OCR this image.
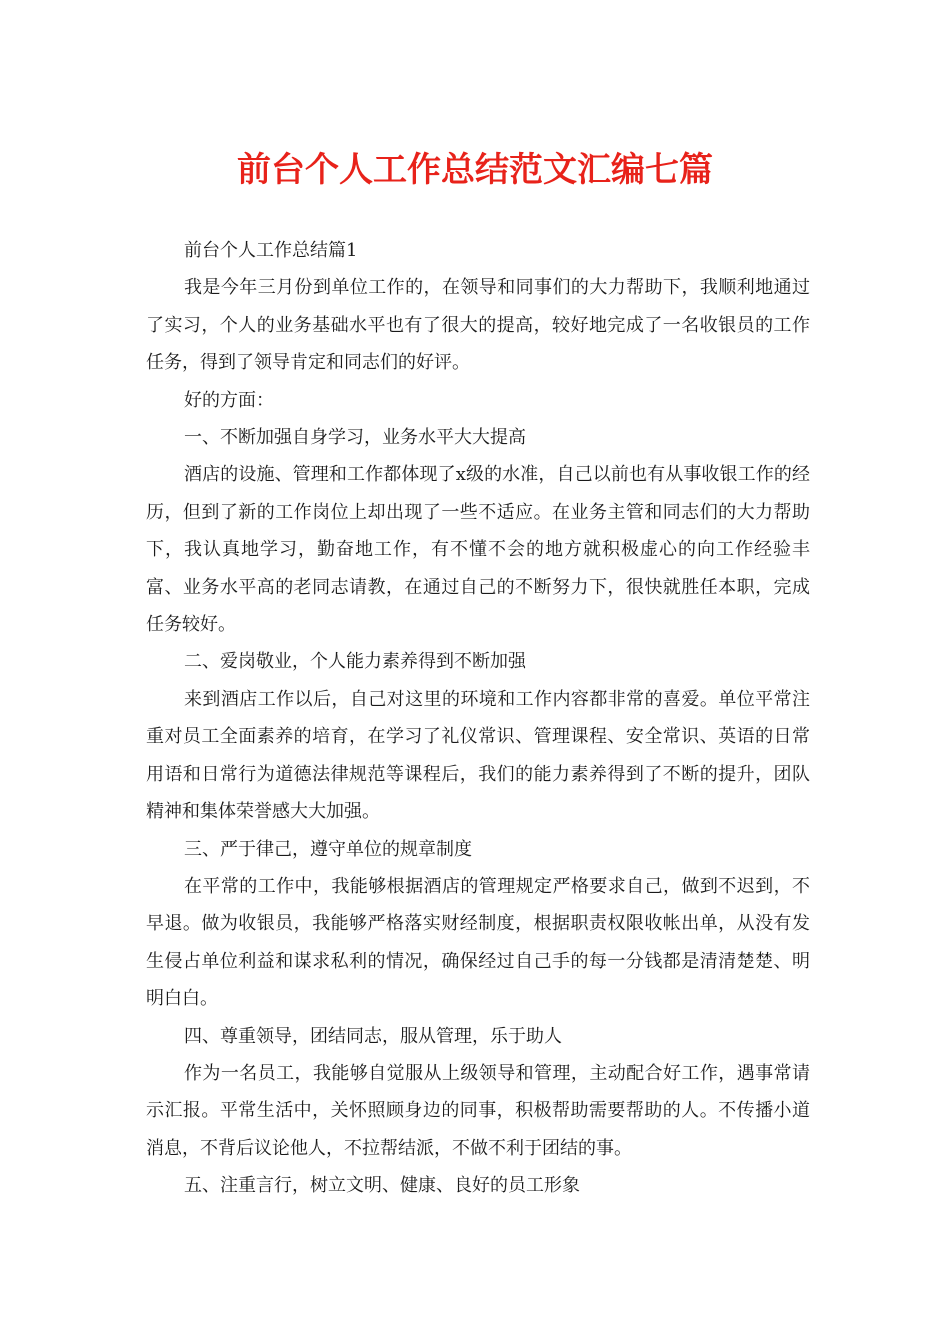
前台个人工作总结范文汇编七篇

前台个人工作总结篇1

我是今年三月份到单位工作的，在领导和同事们的大力帮助下，我顺利地通过了实习，个人的业务基础水平也有了很大的提高，较好地完成了一名收银员的工作任务，得到了领导肯定和同志们的好评。

好的方面：

一、不断加强自身学习，业务水平大大提高

酒店的设施、管理和工作都体现了x级的水准，自己以前也有从事收银工作的经历，但到了新的工作岗位上却出现了一些不适应。在业务主管和同志们的大力帮助下，我认真地学习，勤奋地工作，有不懂不会的地方就积极虚心的向工作经验丰富、业务水平高的老同志请教，在通过自己的不断努力下，很快就胜任本职，完成任务较好。

二、爱岗敬业，个人能力素养得到不断加强

来到酒店工作以后，自己对这里的环境和工作内容都非常的喜爱。单位平常注重对员工全面素养的培育，在学习了礼仪常识、管理课程、安全常识、英语的日常用语和日常行为道德法律规范等课程后，我们的能力素养得到了不断的提升，团队精神和集体荣誉感大大加强。

三、严于律己，遵守单位的规章制度

在平常的工作中，我能够根据酒店的管理规定严格要求自己，做到不迟到，不早退。做为收银员，我能够严格落实财经制度，根据职责权限收帐出单，从没有发生侵占单位利益和谋求私利的情况，确保经过自己手的每一分钱都是清清楚楚、明明白白。

四、尊重领导，团结同志，服从管理，乐于助人

作为一名员工，我能够自觉服从上级领导和管理，主动配合好工作，遇事常请示汇报。平常生活中，关怀照顾身边的同事，积极帮助需要帮助的人。不传播小道消息，不背后议论他人，不拉帮结派，不做不利于团结的事。

五、注重言行，树立文明、健康、良好的员工形象
